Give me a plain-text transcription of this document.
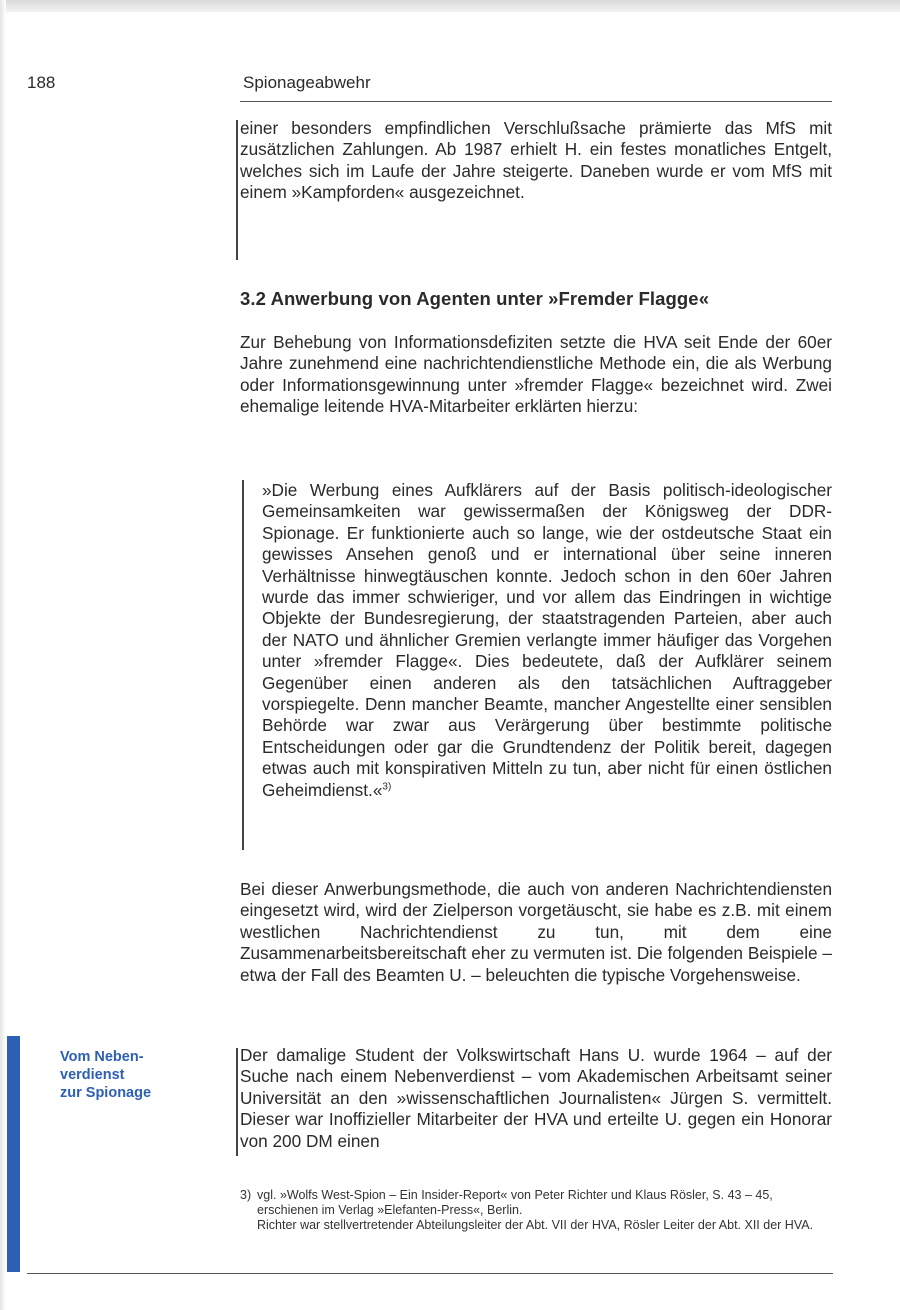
188	Spionageabwehr

einer besonders empfindlichen Verschlußsache prämierte das MfS mit zusätzlichen Zahlungen. Ab 1987 erhielt H. ein festes monatliches Entgelt, welches sich im Laufe der Jahre steigerte. Daneben wurde er vom MfS mit einem »Kampforden« ausgezeichnet.

3.2 Anwerbung von Agenten unter »Fremder Flagge«

Zur Behebung von Informationsdefiziten setzte die HVA seit Ende der 60er Jahre zunehmend eine nachrichtendienstliche Methode ein, die als Werbung oder Informationsgewinnung unter »fremder Flagge« bezeichnet wird. Zwei ehemalige leitende HVA-Mitarbeiter erklärten hierzu:

»Die Werbung eines Aufklärers auf der Basis politisch-ideologischer Gemeinsamkeiten war gewissermaßen der Königsweg der DDR-Spionage. Er funktionierte auch so lange, wie der ostdeutsche Staat ein gewisses Ansehen genoß und er international über seine inneren Verhältnisse hinwegtäuschen konnte. Jedoch schon in den 60er Jahren wurde das immer schwieriger, und vor allem das Eindringen in wichtige Objekte der Bundesregierung, der staatstragenden Parteien, aber auch der NATO und ähnlicher Gremien verlangte immer häufiger das Vorgehen unter »fremder Flagge«. Dies bedeutete, daß der Aufklärer seinem Gegenüber einen anderen als den tatsächlichen Auftraggeber vorspiegelte. Denn mancher Beamte, mancher Angestellte einer sensiblen Behörde war zwar aus Verärgerung über bestimmte politische Entscheidungen oder gar die Grundtendenz der Politik bereit, dagegen etwas auch mit konspirativen Mitteln zu tun, aber nicht für einen östlichen Geheimdienst.«$^{3)}$

Bei dieser Anwerbungsmethode, die auch von anderen Nachrichtendiensten eingesetzt wird, wird der Zielperson vorgetäuscht, sie habe es z.B. mit einem westlichen Nachrichtendienst zu tun, mit dem eine Zusammenarbeitsbereitschaft eher zu vermuten ist. Die folgenden Beispiele – etwa der Fall des Beamten U. – beleuchten die typische Vorgehensweise.

Vom Neben-
verdienst
zur Spionage

Der damalige Student der Volkswirtschaft Hans U. wurde 1964 – auf der Suche nach einem Nebenverdienst – vom Akademischen Arbeitsamt seiner Universität an den »wissenschaftlichen Journalisten« Jürgen S. vermittelt. Dieser war Inoffizieller Mitarbeiter der HVA und erteilte U. gegen ein Honorar von 200 DM einen

3) vgl. »Wolfs West-Spion – Ein Insider-Report« von Peter Richter und Klaus Rösler, S. 43 – 45, erschienen im Verlag »Elefanten-Press«, Berlin.
Richter war stellvertretender Abteilungsleiter der Abt. VII der HVA, Rösler Leiter der Abt. XII der HVA.
